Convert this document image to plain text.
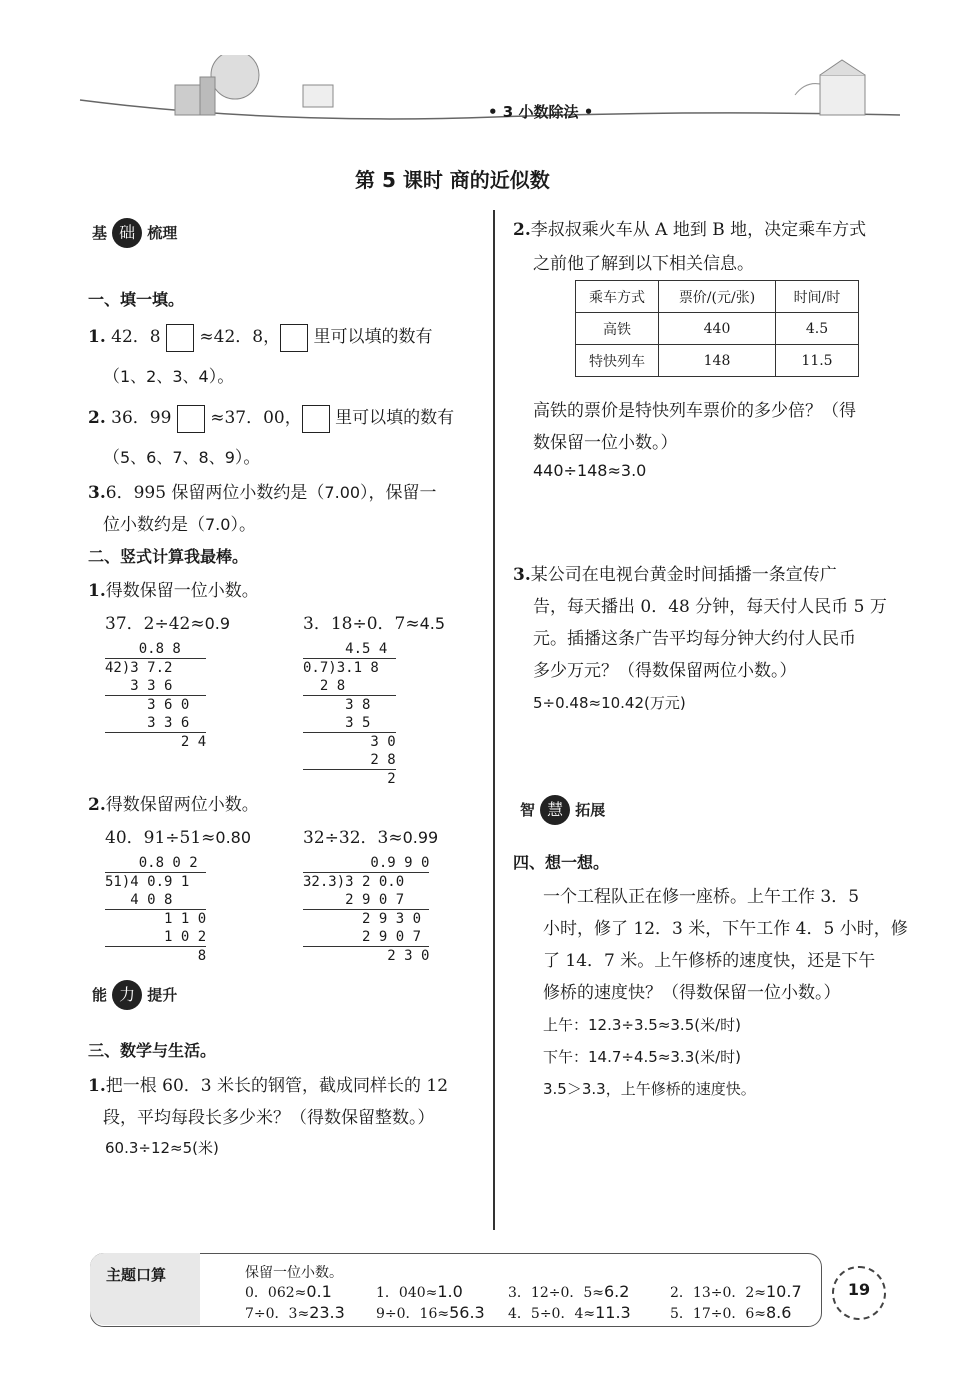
• 3 小数除法 •
第 5 课时 商的近似数
基 础 梳理
一、填一填。
1. 42．8 ≈42．8， 里可以填的数有
（1、2、3、4）。
2. 36．99 ≈37．00， 里可以填的数有
（5、6、7、8、9）。
3.6．995 保留两位小数约是（7.00），保留一
位小数约是（7.0）。
二、竖式计算我最棒。
1.得数保留一位小数。
37．2÷42≈0.9	3．18÷0．7≈4.5
0.8 8
42)3 7.2
3 3 6
3 6 0
3 3 6
2 4
4.5 4
0.7)3.1 8
2 8
3 8
3 5
3 0
2 8
2
2.得数保留两位小数。
40．91÷51≈0.80	32÷32．3≈0.99
0.8 0 2
51)4 0.9 1
4 0 8
1 1 0
1 0 2
8
0.9 9 0
32.3)3 2 0.0
2 9 0 7
2 9 3 0
2 9 0 7
2 3 0
能 力 提升
三、数学与生活。
1.把一根 60．3 米长的钢管，截成同样长的 12
段，平均每段长多少米？（得数保留整数。）
60.3÷12≈5(米)
2.李叔叔乘火车从 A 地到 B 地，决定乘车方式
之前他了解到以下相关信息。
乘车方式	票价/(元/张)	时间/时
高铁	440	4.5
特快列车	148	11.5
高铁的票价是特快列车票价的多少倍？（得
数保留一位小数。）
440÷148≈3.0
3.某公司在电视台黄金时间插播一条宣传广
告，每天播出 0．48 分钟，每天付人民币 5 万
元。插播这条广告平均每分钟大约付人民币
多少万元？（得数保留两位小数。）
5÷0.48≈10.42(万元)
智 慧 拓展
四、想一想。
一个工程队正在修一座桥。上午工作 3．5
小时，修了 12．3 米，下午工作 4．5 小时，修
了 14．7 米。上午修桥的速度快，还是下午
修桥的速度快？（得数保留一位小数。）
上午：12.3÷3.5≈3.5(米/时)
下午：14.7÷4.5≈3.3(米/时)
3.5＞3.3，上午修桥的速度快。
主题口算	保留一位小数。
0．062≈0.1	1．040≈1.0	3．12÷0．5≈6.2	2．13÷0．2≈10.7
7÷0．3≈23.3 9÷0．16≈56.3 4．5÷0．4≈11.3	5．17÷0．6≈8.6
19
